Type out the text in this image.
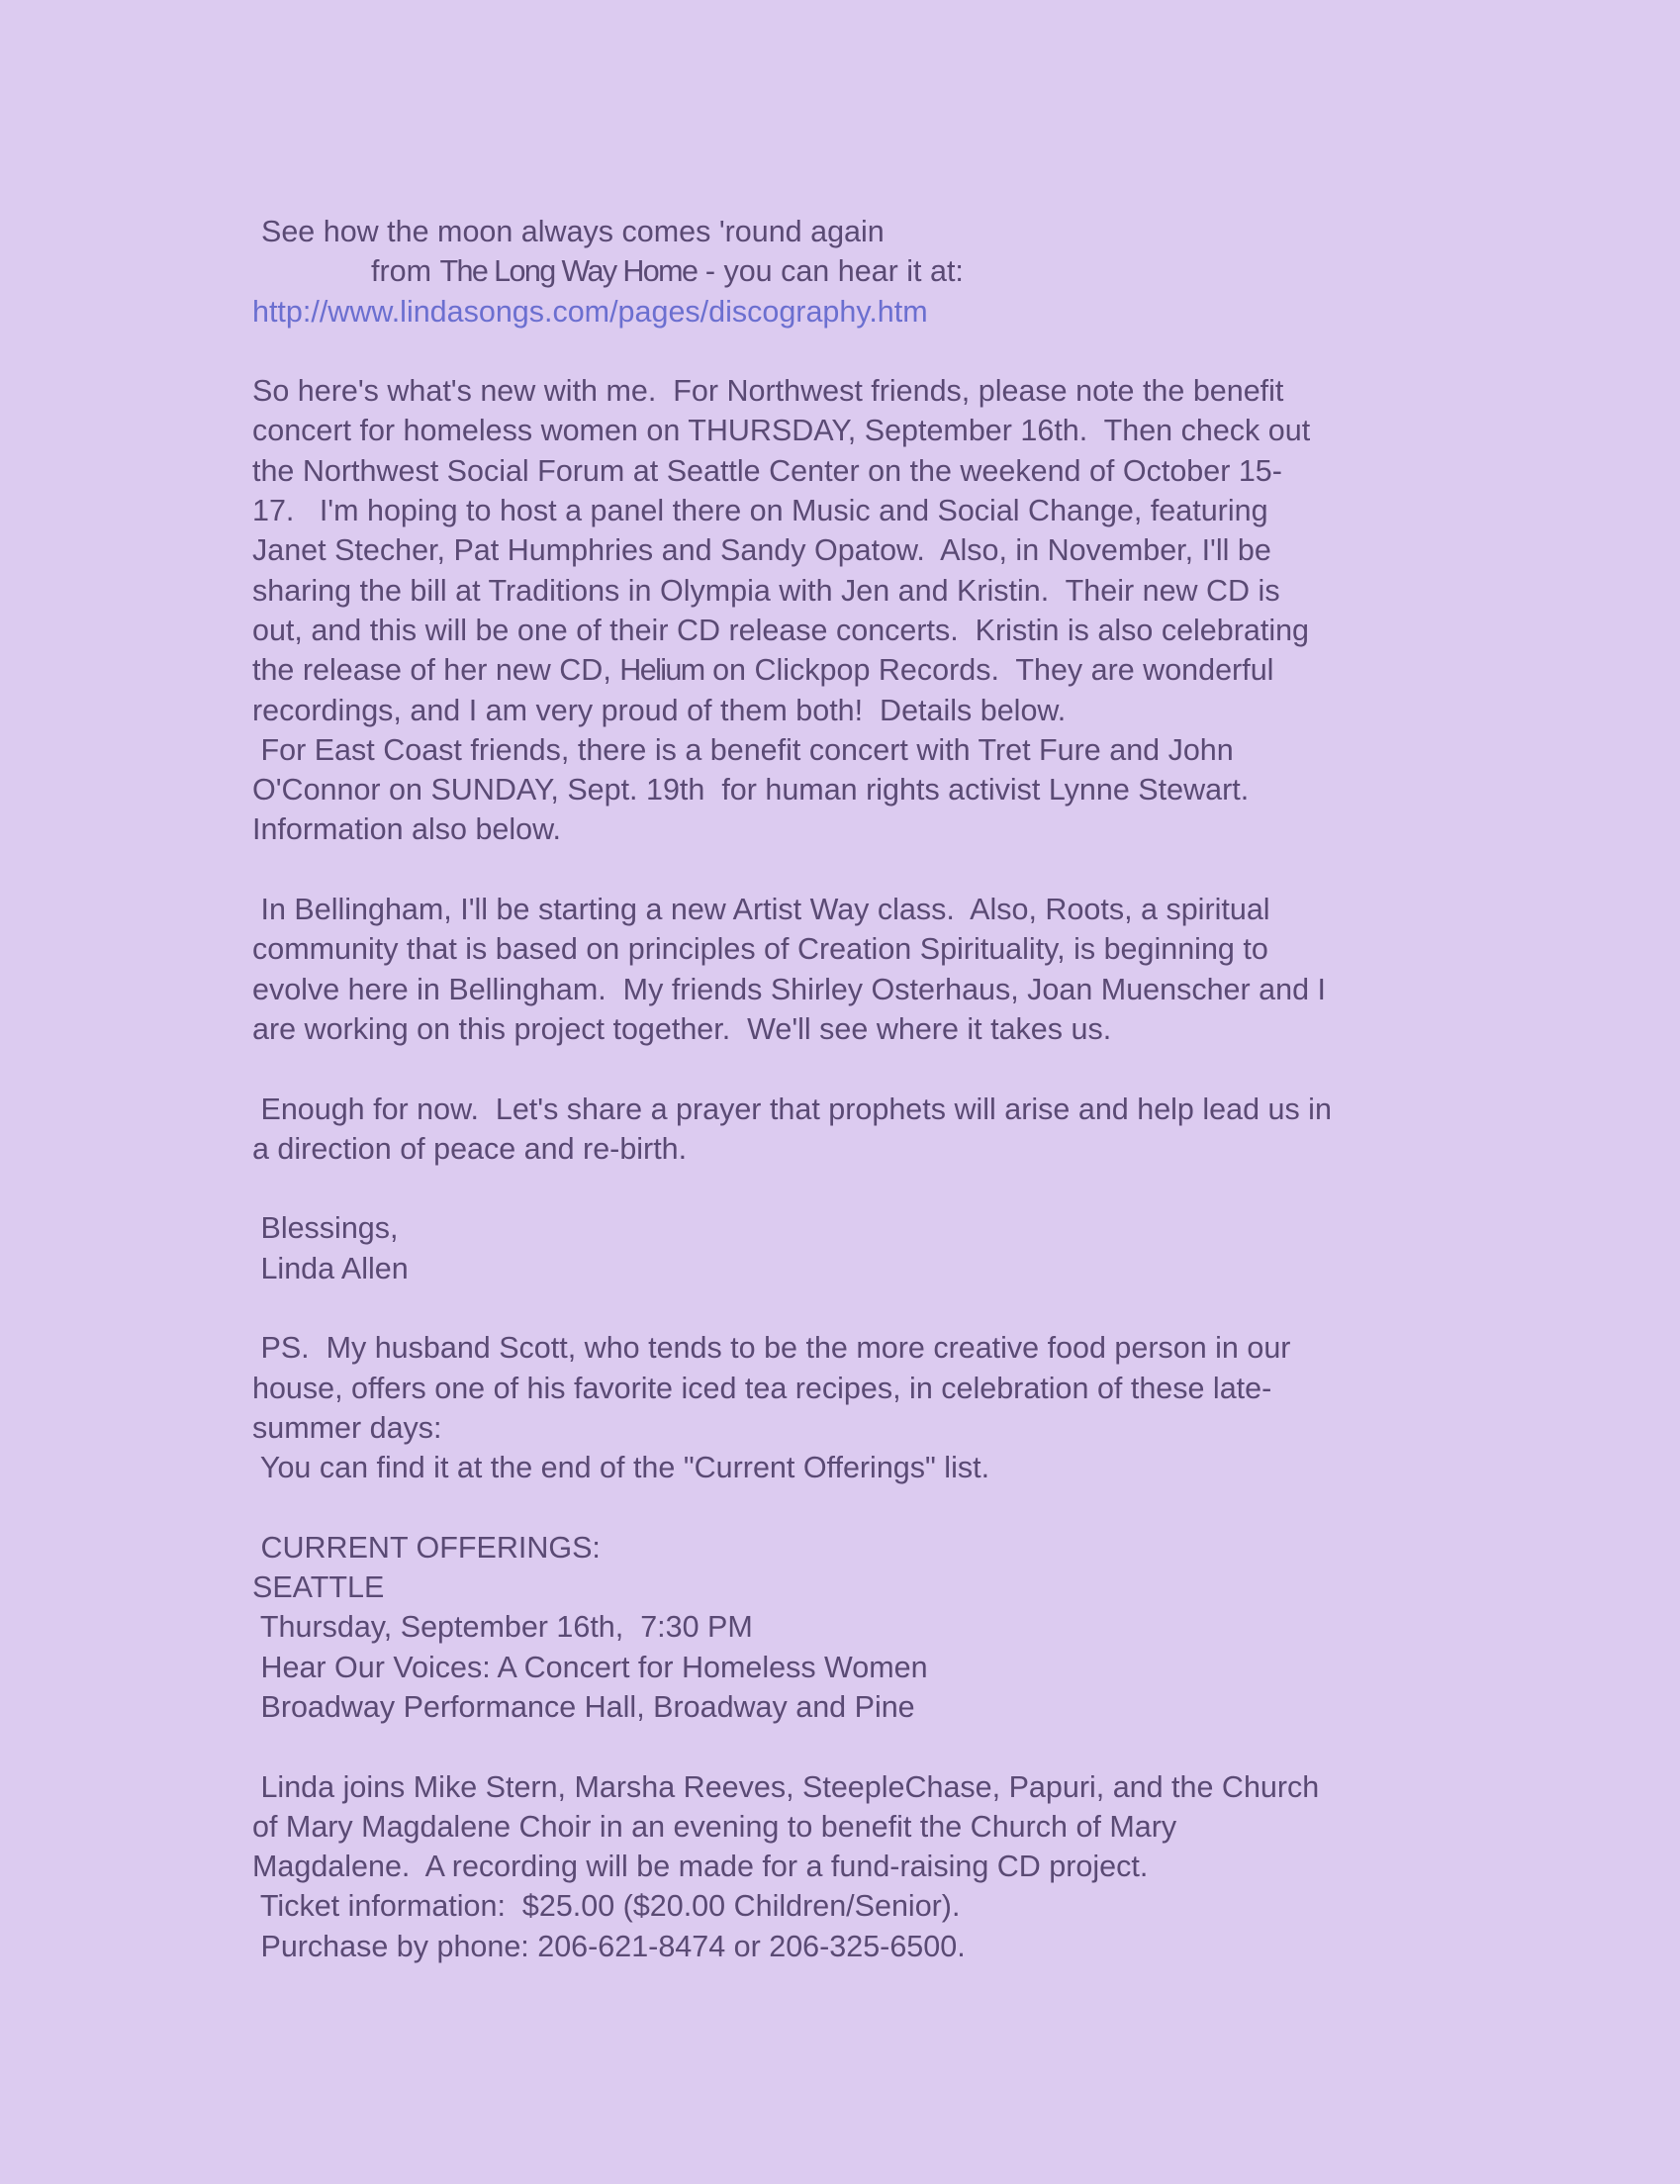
See how the moon always comes 'round again
from The Long Way Home - you can hear it at:
http://www.lindasongs.com/pages/discography.htm
So here's what's new with me.  For Northwest friends, please note the benefit
concert for homeless women on THURSDAY, September 16th.  Then check out
the Northwest Social Forum at Seattle Center on the weekend of October 15-
17.   I'm hoping to host a panel there on Music and Social Change, featuring
Janet Stecher, Pat Humphries and Sandy Opatow.  Also, in November, I'll be
sharing the bill at Traditions in Olympia with Jen and Kristin.  Their new CD is
out, and this will be one of their CD release concerts.  Kristin is also celebrating
the release of her new CD, Helium on Clickpop Records.  They are wonderful
recordings, and I am very proud of them both!  Details below.
For East Coast friends, there is a benefit concert with Tret Fure and John
O'Connor on SUNDAY, Sept. 19th  for human rights activist Lynne Stewart.
Information also below.
In Bellingham, I'll be starting a new Artist Way class.  Also, Roots, a spiritual
community that is based on principles of Creation Spirituality, is beginning to
evolve here in Bellingham.  My friends Shirley Osterhaus, Joan Muenscher and I
are working on this project together.  We'll see where it takes us.
Enough for now.  Let's share a prayer that prophets will arise and help lead us in
a direction of peace and re-birth.
Blessings,
Linda Allen
PS.  My husband Scott, who tends to be the more creative food person in our
house, offers one of his favorite iced tea recipes, in celebration of these late-
summer days:
You can find it at the end of the "Current Offerings" list.
CURRENT OFFERINGS:
SEATTLE
Thursday, September 16th,  7:30 PM
Hear Our Voices: A Concert for Homeless Women
Broadway Performance Hall, Broadway and Pine
Linda joins Mike Stern, Marsha Reeves, SteepleChase, Papuri, and the Church
of Mary Magdalene Choir in an evening to benefit the Church of Mary
Magdalene.  A recording will be made for a fund-raising CD project.
Ticket information:  $25.00 ($20.00 Children/Senior).
Purchase by phone: 206-621-8474 or 206-325-6500.
